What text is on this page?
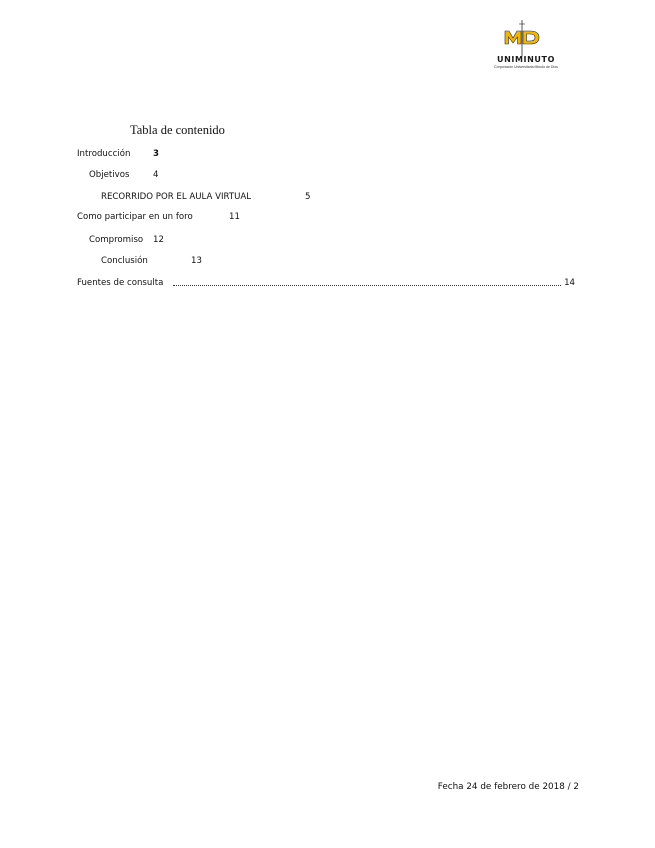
UNIMINUTO
Corporación Universitaria Minuto de Dios
Tabla de contenido
Introducción	3
Objetivos	4
RECORRIDO POR EL AULA VIRTUAL	5
Como participar en un foro	11
Compromiso 12
Conclusión	13
Fuentes de consulta	14
Fecha 24 de febrero de 2018 / 2
